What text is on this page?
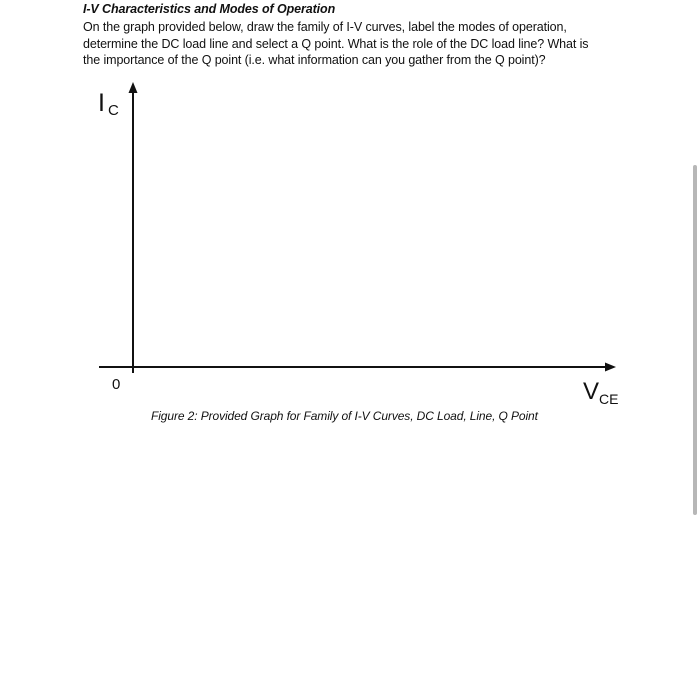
I-V Characteristics and Modes of Operation
On the graph provided below, draw the family of I-V curves, label the modes of operation,
determine the DC load line and select a Q point. What is the role of the DC load line? What is
the importance of the Q point (i.e. what information can you gather from the Q point)?
I C
0	V CE
Figure 2: Provided Graph for Family of I-V Curves, DC Load, Line, Q Point
